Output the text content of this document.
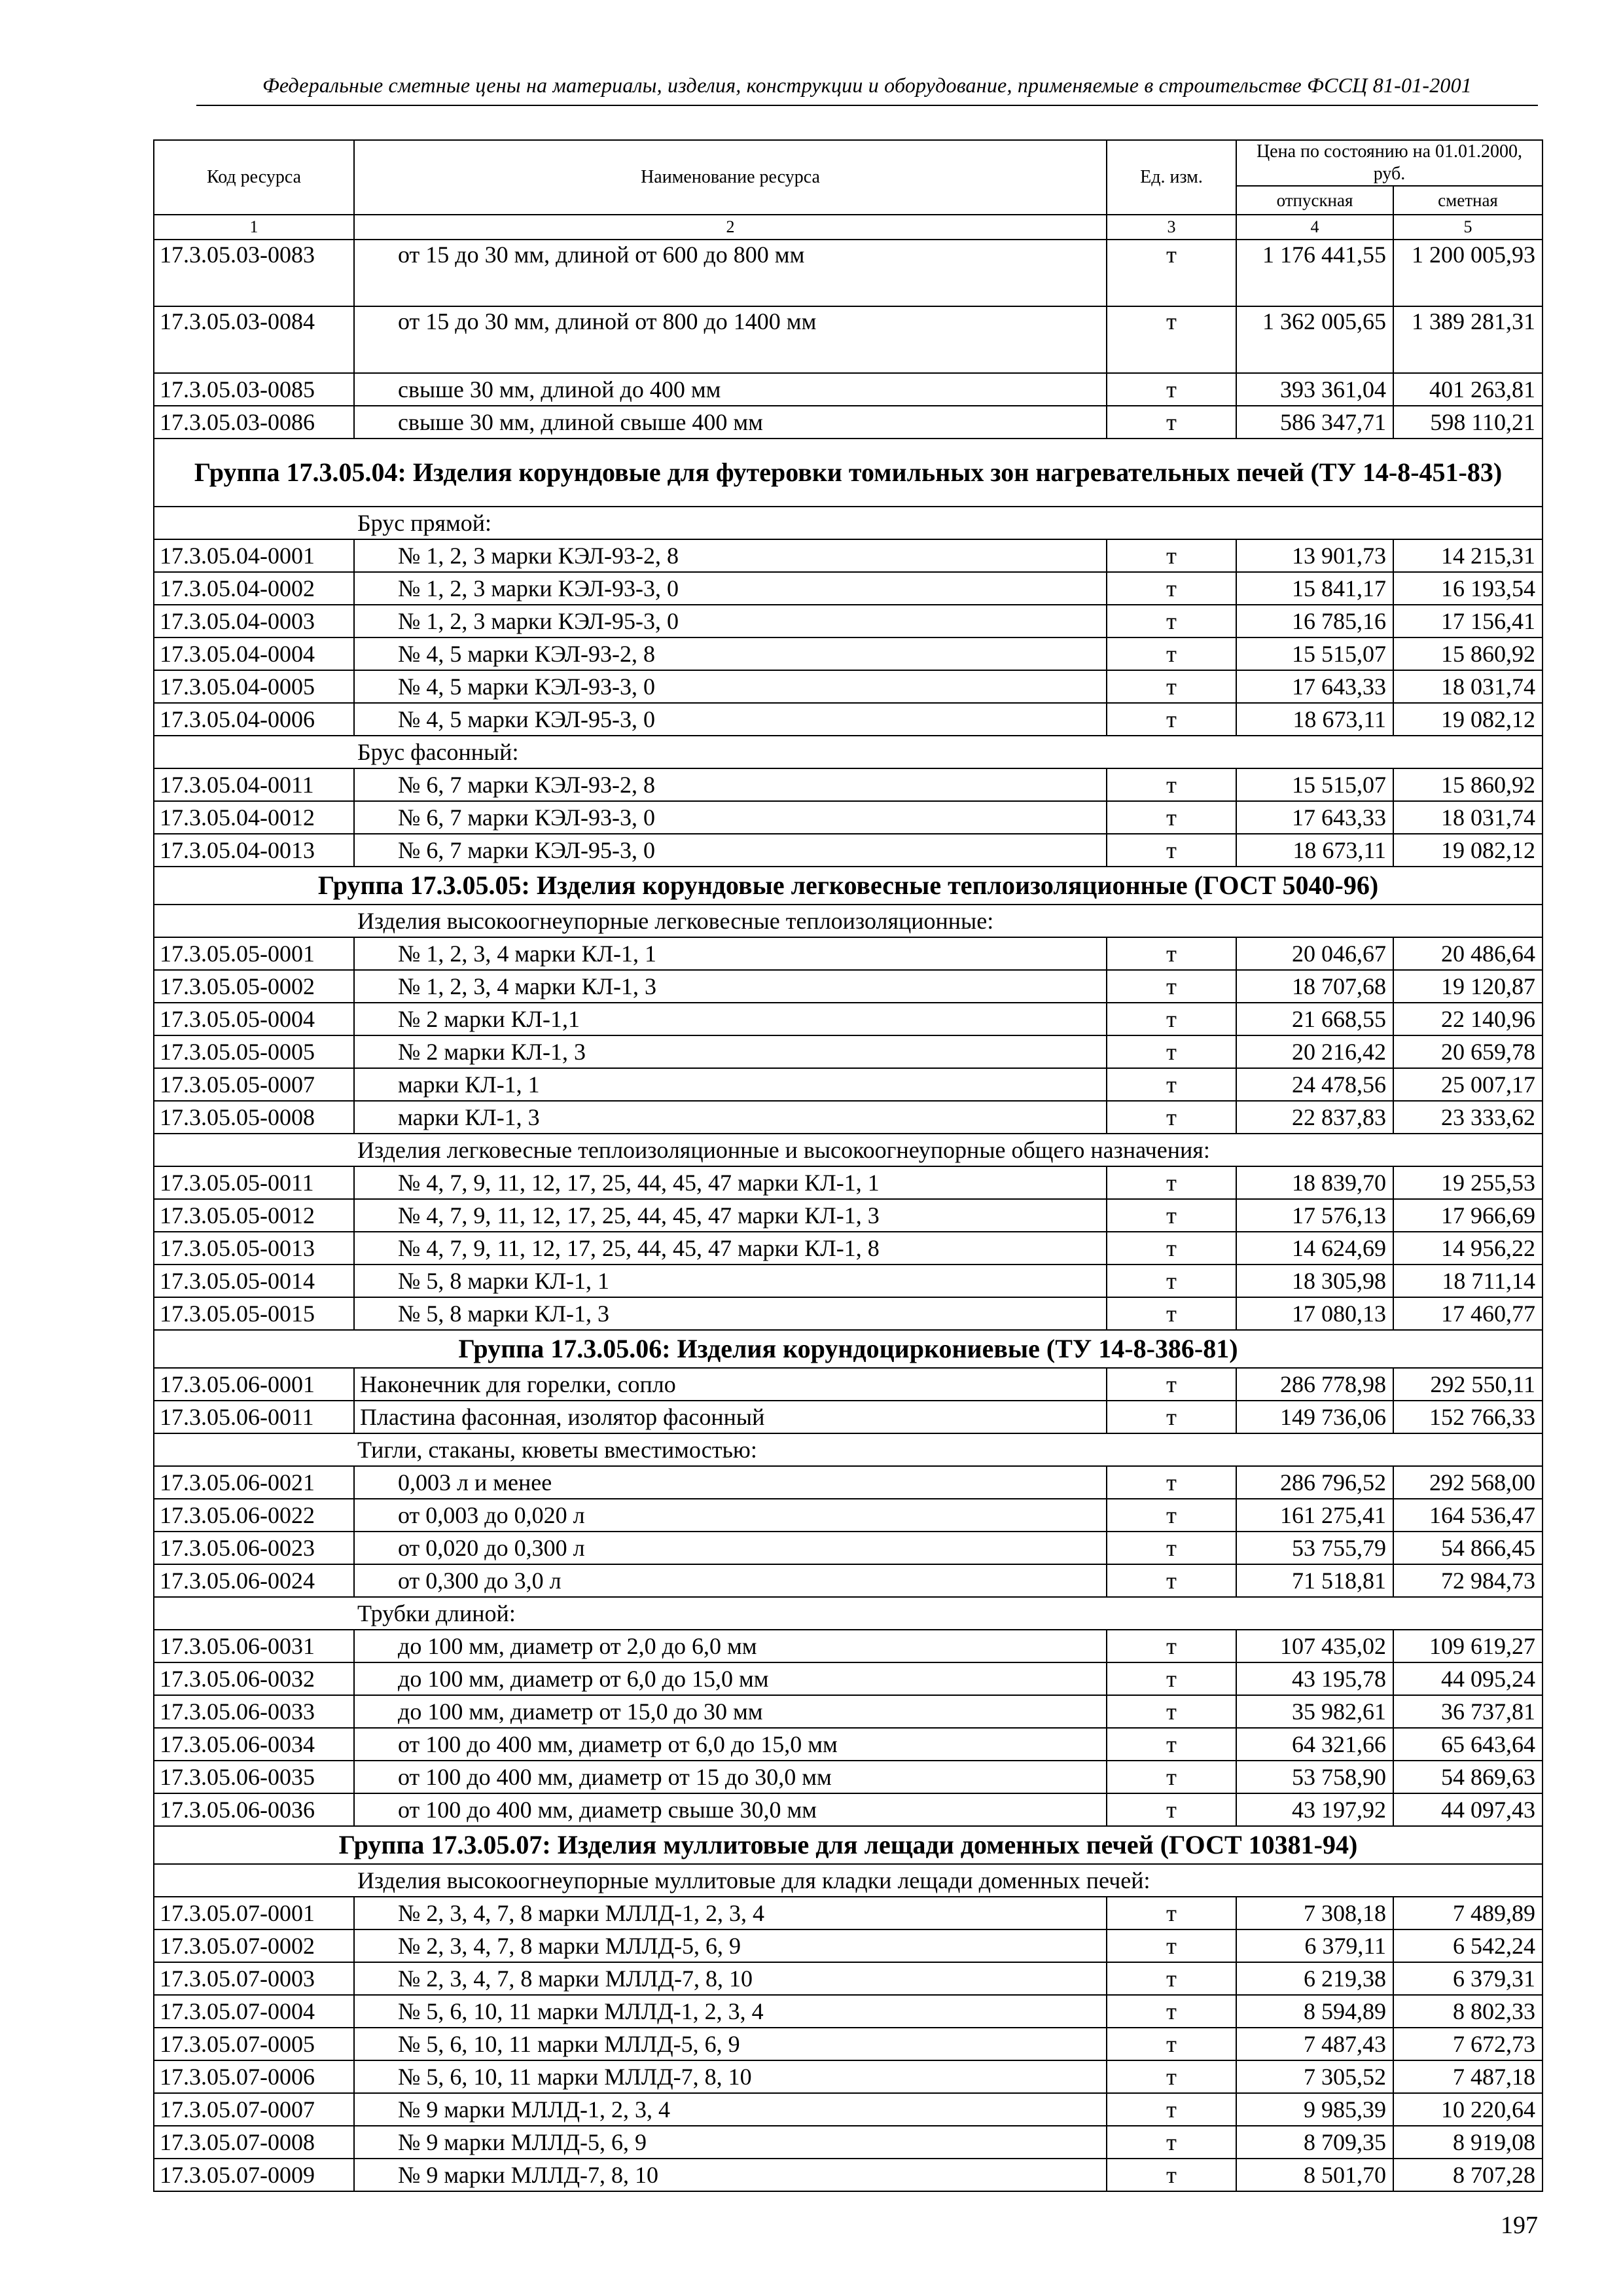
Федеральные сметные цены на материалы, изделия, конструкции и оборудование, применяемые в строительстве ФССЦ 81-01-2001
Код ресурса	Наименование ресурса	Ед. изм.	Цена по состоянию на 01.01.2000, руб.	
			отпускная	сметная
1	2	3	4	5
17.3.05.03-0083	от 15 до 30 мм, длиной от 600 до 800 мм	т	1 176 441,55	1 200 005,93
17.3.05.03-0084	от 15 до 30 мм, длиной от 800 до 1400 мм	т	1 362 005,65	1 389 281,31
17.3.05.03-0085	свыше 30 мм, длиной до 400 мм	т	393 361,04	401 263,81
17.3.05.03-0086	свыше 30 мм, длиной свыше 400 мм	т	586 347,71	598 110,21
Группа 17.3.05.04: Изделия корундовые для футеровки томильных зон нагревательных печей (ТУ 14-8-451-83)				
Брус прямой:				
17.3.05.04-0001	№ 1, 2, 3 марки КЭЛ-93-2, 8	т	13 901,73	14 215,31
17.3.05.04-0002	№ 1, 2, 3 марки КЭЛ-93-3, 0	т	15 841,17	16 193,54
17.3.05.04-0003	№ 1, 2, 3 марки КЭЛ-95-3, 0	т	16 785,16	17 156,41
17.3.05.04-0004	№ 4, 5 марки КЭЛ-93-2, 8	т	15 515,07	15 860,92
17.3.05.04-0005	№ 4, 5 марки КЭЛ-93-3, 0	т	17 643,33	18 031,74
17.3.05.04-0006	№ 4, 5 марки КЭЛ-95-3, 0	т	18 673,11	19 082,12
Брус фасонный:				
17.3.05.04-0011	№ 6, 7 марки КЭЛ-93-2, 8	т	15 515,07	15 860,92
17.3.05.04-0012	№ 6, 7 марки КЭЛ-93-3, 0	т	17 643,33	18 031,74
17.3.05.04-0013	№ 6, 7 марки КЭЛ-95-3, 0	т	18 673,11	19 082,12
Группа 17.3.05.05: Изделия корундовые легковесные теплоизоляционные (ГОСТ 5040-96)				
Изделия высокоогнеупорные легковесные теплоизоляционные:				
17.3.05.05-0001	№ 1, 2, 3, 4 марки КЛ-1, 1	т	20 046,67	20 486,64
17.3.05.05-0002	№ 1, 2, 3, 4 марки КЛ-1, 3	т	18 707,68	19 120,87
17.3.05.05-0004	№ 2 марки КЛ-1,1	т	21 668,55	22 140,96
17.3.05.05-0005	№ 2 марки КЛ-1, 3	т	20 216,42	20 659,78
17.3.05.05-0007	марки КЛ-1, 1	т	24 478,56	25 007,17
17.3.05.05-0008	марки КЛ-1, 3	т	22 837,83	23 333,62
Изделия легковесные теплоизоляционные и высокоогнеупорные общего назначения:				
17.3.05.05-0011	№ 4, 7, 9, 11, 12, 17, 25, 44, 45, 47 марки КЛ-1, 1	т	18 839,70	19 255,53
17.3.05.05-0012	№ 4, 7, 9, 11, 12, 17, 25, 44, 45, 47 марки КЛ-1, 3	т	17 576,13	17 966,69
17.3.05.05-0013	№ 4, 7, 9, 11, 12, 17, 25, 44, 45, 47 марки КЛ-1, 8	т	14 624,69	14 956,22
17.3.05.05-0014	№ 5, 8 марки КЛ-1, 1	т	18 305,98	18 711,14
17.3.05.05-0015	№ 5, 8 марки КЛ-1, 3	т	17 080,13	17 460,77
Группа 17.3.05.06: Изделия корундоциркониевые (ТУ 14-8-386-81)				
17.3.05.06-0001	Наконечник для горелки, сопло	т	286 778,98	292 550,11
17.3.05.06-0011	Пластина фасонная, изолятор фасонный	т	149 736,06	152 766,33
Тигли, стаканы, кюветы вместимостью:				
17.3.05.06-0021	0,003 л и менее	т	286 796,52	292 568,00
17.3.05.06-0022	от 0,003 до 0,020 л	т	161 275,41	164 536,47
17.3.05.06-0023	от 0,020 до 0,300 л	т	53 755,79	54 866,45
17.3.05.06-0024	от 0,300 до 3,0 л	т	71 518,81	72 984,73
Трубки длиной:				
17.3.05.06-0031	до 100 мм, диаметр от 2,0 до 6,0 мм	т	107 435,02	109 619,27
17.3.05.06-0032	до 100 мм, диаметр от 6,0 до 15,0 мм	т	43 195,78	44 095,24
17.3.05.06-0033	до 100 мм, диаметр от 15,0 до 30 мм	т	35 982,61	36 737,81
17.3.05.06-0034	от 100 до 400 мм, диаметр от 6,0 до 15,0 мм	т	64 321,66	65 643,64
17.3.05.06-0035	от 100 до 400 мм, диаметр от 15 до 30,0 мм	т	53 758,90	54 869,63
17.3.05.06-0036	от 100 до 400 мм, диаметр свыше 30,0 мм	т	43 197,92	44 097,43
Группа 17.3.05.07: Изделия муллитовые для лещади доменных печей (ГОСТ 10381-94)				
Изделия высокоогнеупорные муллитовые для кладки лещади доменных печей:				
17.3.05.07-0001	№ 2, 3, 4, 7, 8 марки МЛЛД-1, 2, 3, 4	т	7 308,18	7 489,89
17.3.05.07-0002	№ 2, 3, 4, 7, 8 марки МЛЛД-5, 6, 9	т	6 379,11	6 542,24
17.3.05.07-0003	№ 2, 3, 4, 7, 8 марки МЛЛД-7, 8, 10	т	6 219,38	6 379,31
17.3.05.07-0004	№ 5, 6, 10, 11 марки МЛЛД-1, 2, 3, 4	т	8 594,89	8 802,33
17.3.05.07-0005	№ 5, 6, 10, 11 марки МЛЛД-5, 6, 9	т	7 487,43	7 672,73
17.3.05.07-0006	№ 5, 6, 10, 11 марки МЛЛД-7, 8, 10	т	7 305,52	7 487,18
17.3.05.07-0007	№ 9 марки МЛЛД-1, 2, 3, 4	т	9 985,39	10 220,64
17.3.05.07-0008	№ 9 марки МЛЛД-5, 6, 9	т	8 709,35	8 919,08
17.3.05.07-0009	№ 9 марки МЛЛД-7, 8, 10	т	8 501,70	8 707,28
197
